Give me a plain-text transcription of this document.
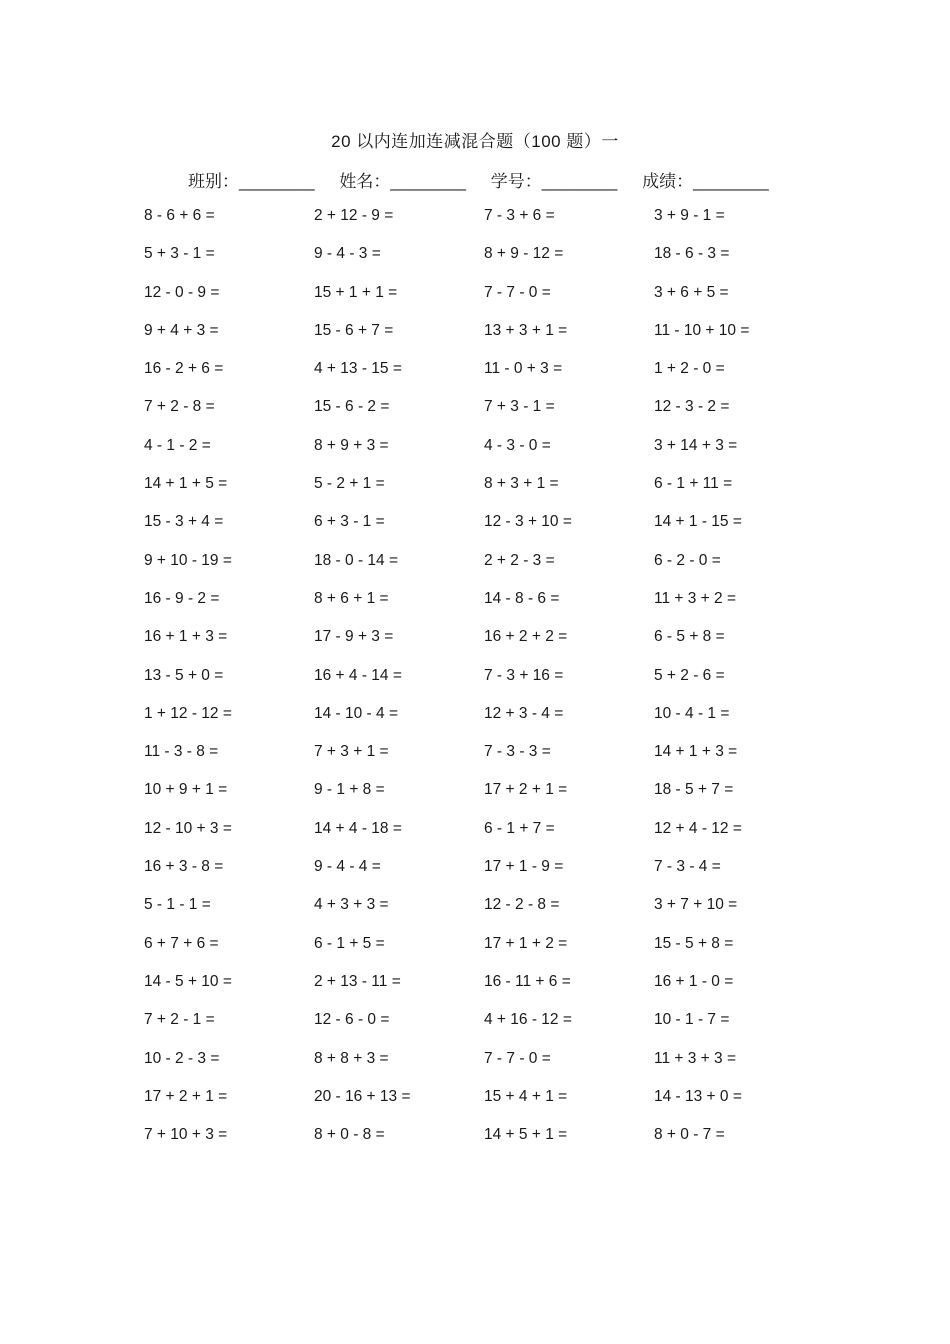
20 以内连加连减混合题（100 题）一
班别：________ 姓名：________ 学号：________ 成绩：________
8 - 6 + 6 =	2 + 12 - 9 =	7 - 3 + 6 =	3 + 9 - 1 =
5 + 3 - 1 =	9 - 4 - 3 =	8 + 9 - 12 =	18 - 6 - 3 =
12 - 0 - 9 =	15 + 1 + 1 =	7 - 7 - 0 =	3 + 6 + 5 =
9 + 4 + 3 =	15 - 6 + 7 =	13 + 3 + 1 =	11 - 10 + 10 =
16 - 2 + 6 =	4 + 13 - 15 =	11 - 0 + 3 =	1 + 2 - 0 =
7 + 2 - 8 =	15 - 6 - 2 =	7 + 3 - 1 =	12 - 3 - 2 =
4 - 1 - 2 =	8 + 9 + 3 =	4 - 3 - 0 =	3 + 14 + 3 =
14 + 1 + 5 =	5 - 2 + 1 =	8 + 3 + 1 =	6 - 1 + 11 =
15 - 3 + 4 =	6 + 3 - 1 =	12 - 3 + 10 =	14 + 1 - 15 =
9 + 10 - 19 =	18 - 0 - 14 =	2 + 2 - 3 =	6 - 2 - 0 =
16 - 9 - 2 =	8 + 6 + 1 =	14 - 8 - 6 =	11 + 3 + 2 =
16 + 1 + 3 =	17 - 9 + 3 =	16 + 2 + 2 =	6 - 5 + 8 =
13 - 5 + 0 =	16 + 4 - 14 =	7 - 3 + 16 =	5 + 2 - 6 =
1 + 12 - 12 =	14 - 10 - 4 =	12 + 3 - 4 =	10 - 4 - 1 =
11 - 3 - 8 =	7 + 3 + 1 =	7 - 3 - 3 =	14 + 1 + 3 =
10 + 9 + 1 =	9 - 1 + 8 =	17 + 2 + 1 =	18 - 5 + 7 =
12 - 10 + 3 =	14 + 4 - 18 =	6 - 1 + 7 =	12 + 4 - 12 =
16 + 3 - 8 =	9 - 4 - 4 =	17 + 1 - 9 =	7 - 3 - 4 =
5 - 1 - 1 =	4 + 3 + 3 =	12 - 2 - 8 =	3 + 7 + 10 =
6 + 7 + 6 =	6 - 1 + 5 =	17 + 1 + 2 =	15 - 5 + 8 =
14 - 5 + 10 =	2 + 13 - 11 =	16 - 11 + 6 =	16 + 1 - 0 =
7 + 2 - 1 =	12 - 6 - 0 =	4 + 16 - 12 =	10 - 1 - 7 =
10 - 2 - 3 =	8 + 8 + 3 =	7 - 7 - 0 =	11 + 3 + 3 =
17 + 2 + 1 =	20 - 16 + 13 =	15 + 4 + 1 =	14 - 13 + 0 =
7 + 10 + 3 =	8 + 0 - 8 =	14 + 5 + 1 =	8 + 0 - 7 =
